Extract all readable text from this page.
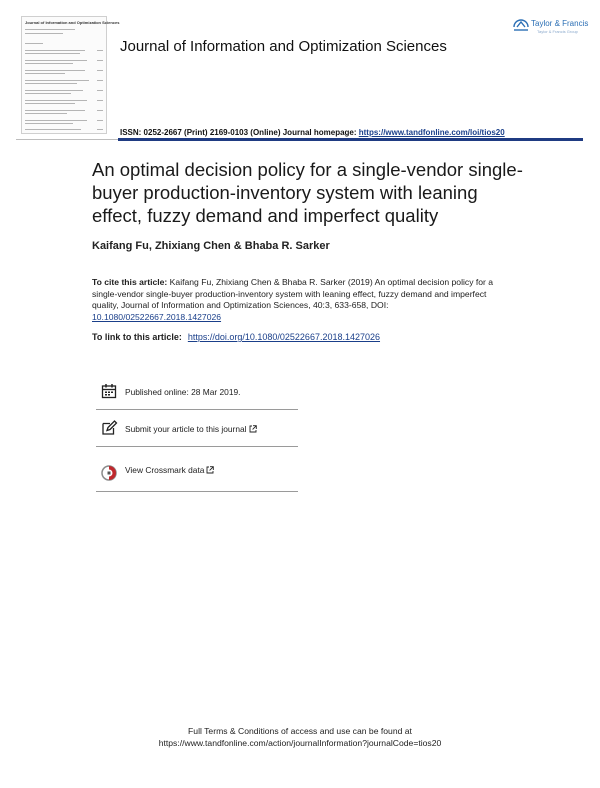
Journal of Information and Optimization Sciences
Journal of Information and Optimization Sciences
Taylor & Francis
Taylor & Francis Group
ISSN: 0252-2667 (Print) 2169-0103 (Online) Journal homepage: https://www.tandfonline.com/loi/tios20
An optimal decision policy for a single-vendor single-buyer production-inventory system with leaning effect, fuzzy demand and imperfect quality
Kaifang Fu, Zhixiang Chen & Bhaba R. Sarker
To cite this article: Kaifang Fu, Zhixiang Chen & Bhaba R. Sarker (2019) An optimal decision policy for a single-vendor single-buyer production-inventory system with leaning effect, fuzzy demand and imperfect quality, Journal of Information and Optimization Sciences, 40:3, 633-658, DOI: 10.1080/02522667.2018.1427026
To link to this article: https://doi.org/10.1080/02522667.2018.1427026
Published online: 28 Mar 2019.
Submit your article to this journal
View Crossmark data
Full Terms & Conditions of access and use can be found at
https://www.tandfonline.com/action/journalInformation?journalCode=tios20
